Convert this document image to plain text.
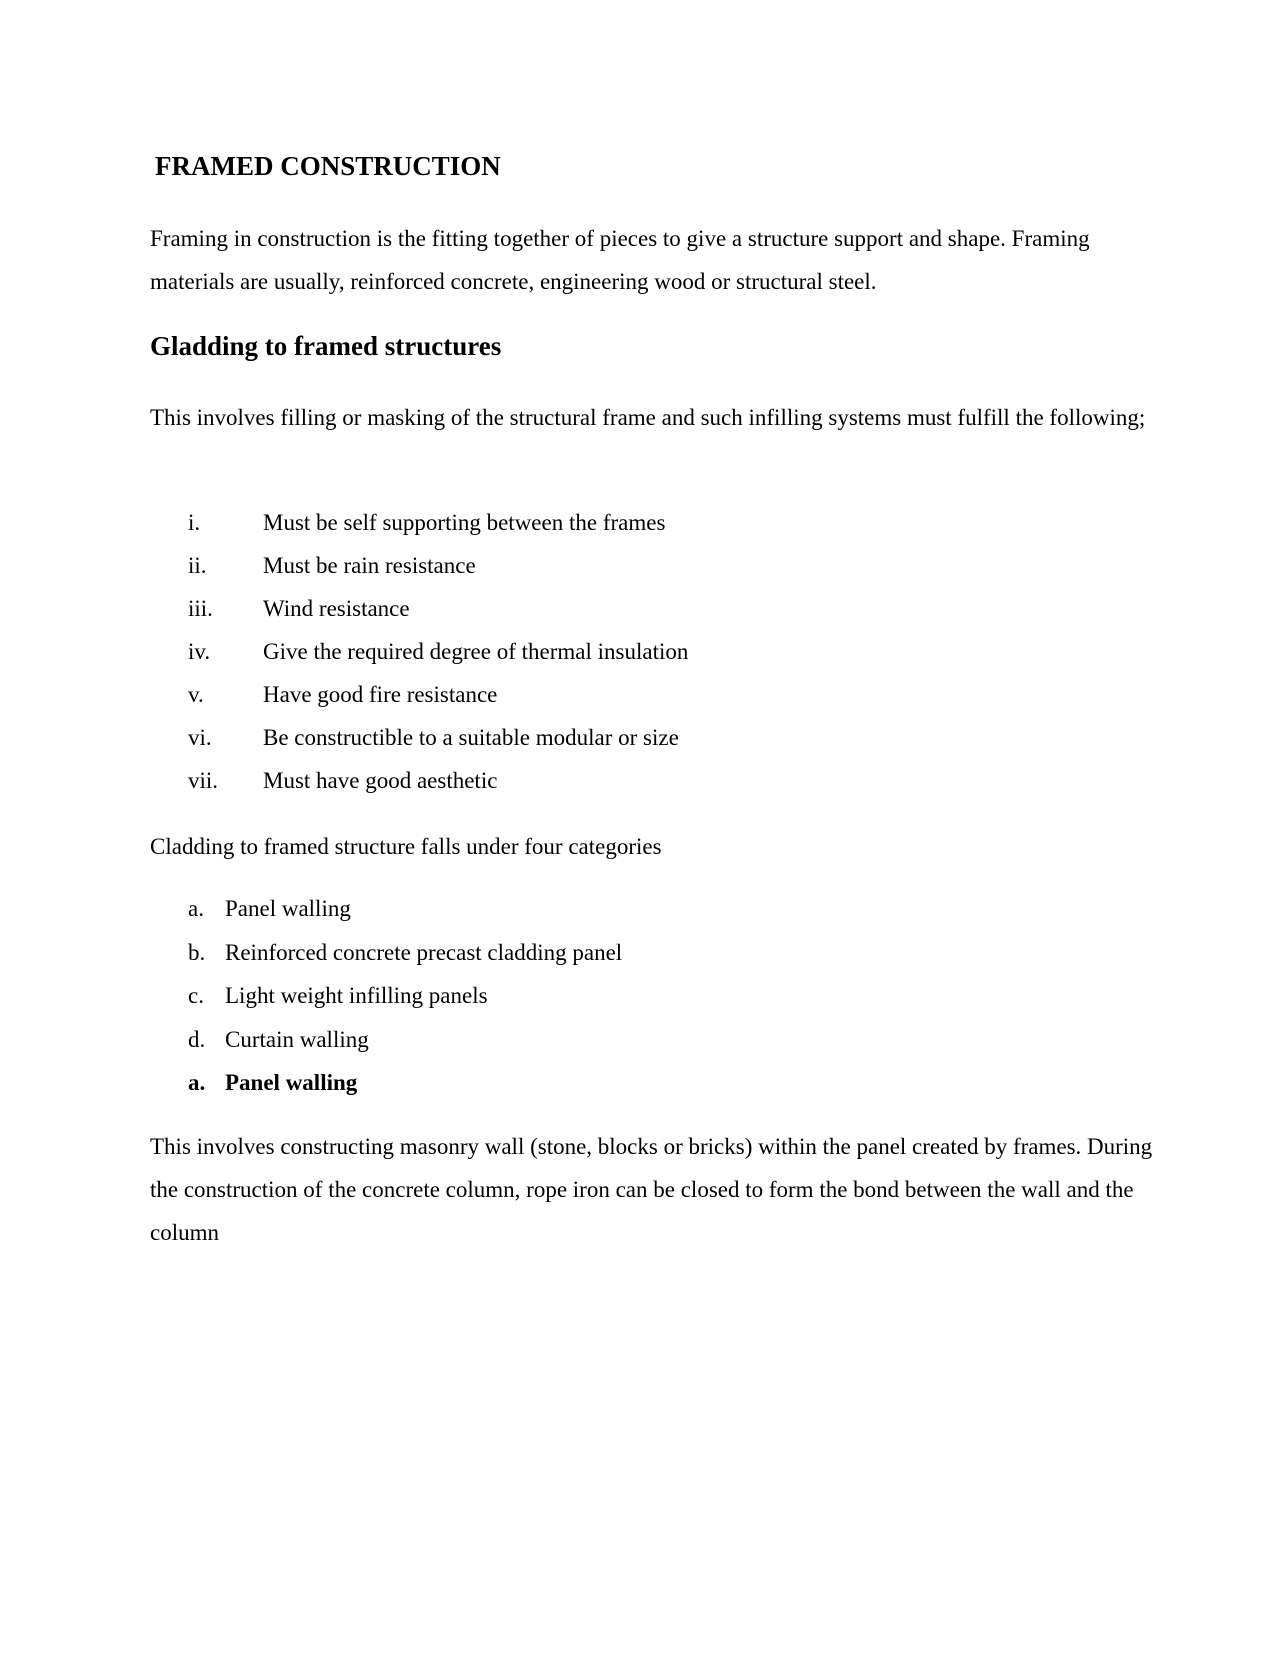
FRAMED CONSTRUCTION
Framing in construction is the fitting together of pieces to give a structure support and shape. Framing materials are usually, reinforced concrete, engineering wood or structural steel.
Gladding to framed structures
This involves filling or masking of the structural frame and such infilling systems must fulfill the following;
i.	Must be self supporting between the frames
ii. Must be rain resistance
iii. Wind resistance
iv. Give the required degree of thermal insulation
v.	Have good fire resistance
vi. Be constructible to a suitable modular or size
vii. Must have good aesthetic
Cladding to framed structure falls under four categories
a. Panel walling
b. Reinforced concrete precast cladding panel
c. Light weight infilling panels
d. Curtain walling
a. Panel walling
This involves constructing masonry wall (stone, blocks or bricks) within the panel created by frames. During the construction of the concrete column, rope iron can be closed to form the bond between the wall and the column
